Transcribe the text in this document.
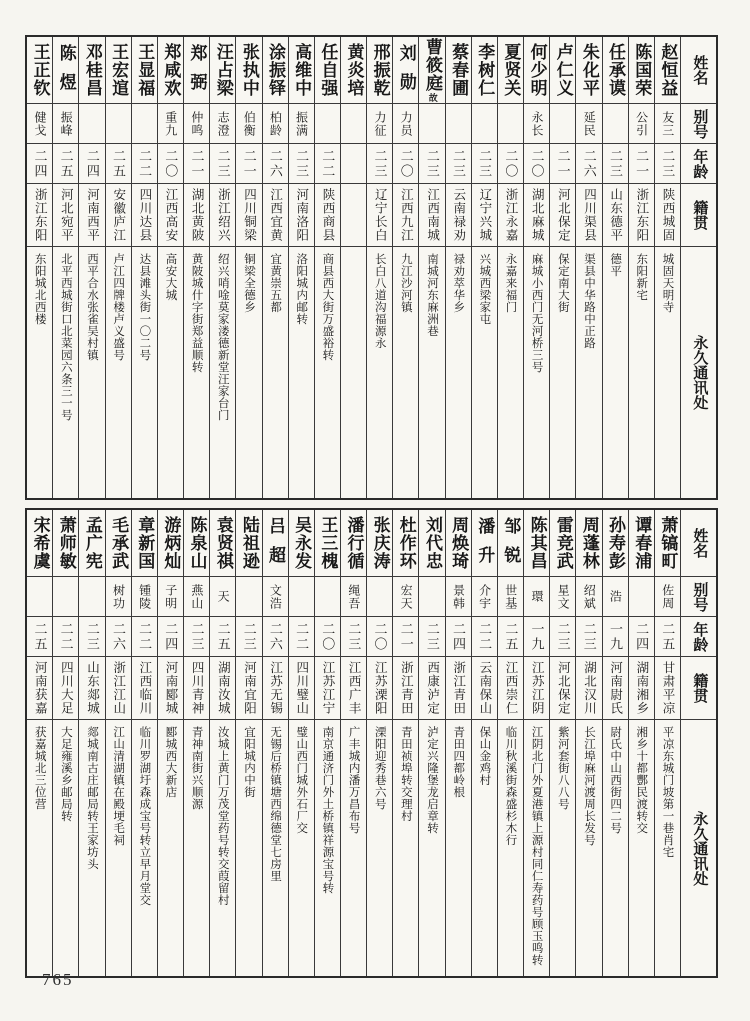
姓名
别号
年龄
籍贯
永久通讯处
赵恒益
友三
二三
陕西城固
城固天明寺
陈国荣
公引
二一
浙江东阳
东阳新宅
任承谟
二三
山东德平
德平
朱化平
延民
二六
四川渠县
渠县中华路中正路
卢仁义
二一
河北保定
保定南大街
何少明
永长
二〇
湖北麻城
麻城小西门无河桥三号
夏贤关
二〇
浙江永嘉
永嘉来福门
李树仁
二三
辽宁兴城
兴城西梁家屯
蔡春圃
二三
云南禄劝
禄劝萃华乡
曹筱庭
故
二三
江西南城
南城河东麻洲巷
刘勋
力员
二〇
江西九江
九江沙河镇
邢振乾
力征
二三
辽宁长白
长白八道沟福源永
黄炎培
任自强
二二
陕西商县
商县西大街万盛裕转
高维中
振满
二三
河南洛阳
洛阳城内邮转
涂振铎
柏龄
二六
江西宜黄
宜黄崇五都
张执中
伯衡
二一
四川铜梁
铜梁全德乡
汪占梁
志澄
二三
浙江绍兴
绍兴哨唫莫家溇德新堂汪家台门
郑弼
仲鸣
二一
湖北黄陂
黄陂城什字街郑益顺转
郑咸欢
重九
二〇
江西高安
高安大城
王显福
二二
四川达县
达县滩头街一〇二号
王宏逭
二五
安徽庐江
卢江四牌楼卢义盛号
邓桂昌
二四
河南西平
西平合水张雀吴村镇
陈煜
振峰
二五
河北宛平
北平西城街口北菜园六条三一号
王正钦
健戈
二四
浙江东阳
东阳城北西楼
姓名
别号
年龄
籍贯
永久通讯处
萧镐町
佐周
二五
甘肃平凉
平凉东城门坡第一巷肖宅
谭春浦
二四
湖南湘乡
湘乡十都酆民渡转交
孙寿彭
浩
一九
河南尉氏
尉氏中山西街四二号
周蓬林
绍斌
二三
湖北汉川
长江埠麻河渡周长发号
雷竞武
星文
二三
河北保定
紫河套街八八号
陈其昌
環
一九
江苏江阴
江阴北门外夏港镇上源村同仁寿药号顾玉鸣转
邹锐
世基
二五
江西崇仁
临川秋溪街森盛杉木行
潘升
介宇
二二
云南保山
保山金鸡村
周焕琦
景韩
二四
浙江青田
青田四都岭根
刘代忠
二三
西康泸定
泸定兴隆堡龙启章转
杜作环
宏天
二一
浙江青田
青田祯埠转交理村
张庆涛
二〇
江苏溧阳
溧阳迎秀巷六号
潘行循
绳吾
二三
江西广丰
广丰城内潘万昌布号
王三槐
二〇
江苏江宁
南京通济门外土桥镇祥源宝号转
吴永发
二二
四川璧山
璧山西门城外石厂交
吕超
文浩
二六
江苏无锡
无锡后桥镇塘西绵德堂七房里
陆祖逊
二三
河南宜阳
宜阳城内中街
袁贤祺
天
二五
湖南汝城
汝城上黄门万茂堂药号转交葭留村
陈泉山
燕山
二三
四川青神
青神南街兴顺源
游炳灿
子明
二四
河南郾城
郾城西大新店
章新国
锺陵
二二
江西临川
临川罗湖圩森成宝号转立早月堂交
毛承武
树功
二六
浙江江山
江山清湖镇在殿埂毛祠
孟广宪
二三
山东郯城
郯城南古庄邮局转王家坊头
萧师敏
二二
四川大足
大足雍溪乡邮局转
宋希虞
二五
河南获嘉
获嘉城北三位营
765
